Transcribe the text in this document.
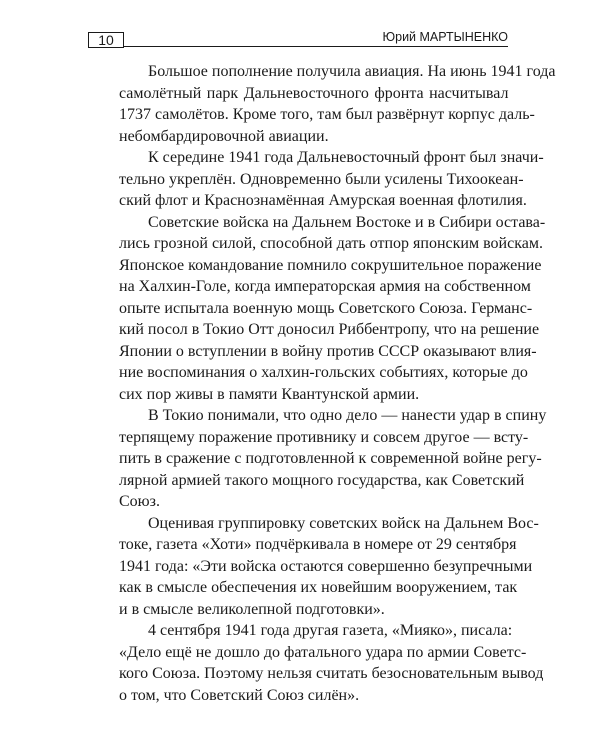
10	Юрий МАРТЫНЕНКО
Большое пополнение получила авиация. На июнь 1941 года
самолётный парк Дальневосточного фронта насчитывал
1737 самолётов. Кроме того, там был развёрнут корпус даль-
небомбардировочной авиации.
К середине 1941 года Дальневосточный фронт был значи-
тельно укреплён. Одновременно были усилены Тихоокеан-
ский флот и Краснознамённая Амурская военная флотилия.
Советские войска на Дальнем Востоке и в Сибири остава-
лись грозной силой, способной дать отпор японским войскам.
Японское командование помнило сокрушительное поражение
на Халхин-Голе, когда императорская армия на собственном
опыте испытала военную мощь Советского Союза. Германс-
кий посол в Токио Отт доносил Риббентропу, что на решение
Японии о вступлении в войну против СССР оказывают влия-
ние воспоминания о халхин-гольских событиях, которые до
сих пор живы в памяти Квантунской армии.
В Токио понимали, что одно дело — нанести удар в спину
терпящему поражение противнику и совсем другое — всту-
пить в сражение с подготовленной к современной войне регу-
лярной армией такого мощного государства, как Советский
Союз.
Оценивая группировку советских войск на Дальнем Вос-
токе, газета «Хоти» подчёркивала в номере от 29 сентября
1941 года: «Эти войска остаются совершенно безупречными
как в смысле обеспечения их новейшим вооружением, так
и в смысле великолепной подготовки».
4 сентября 1941 года другая газета, «Мияко», писала:
«Дело ещё не дошло до фатального удара по армии Советс-
кого Союза. Поэтому нельзя считать безосновательным вывод
о том, что Советский Союз силён».
